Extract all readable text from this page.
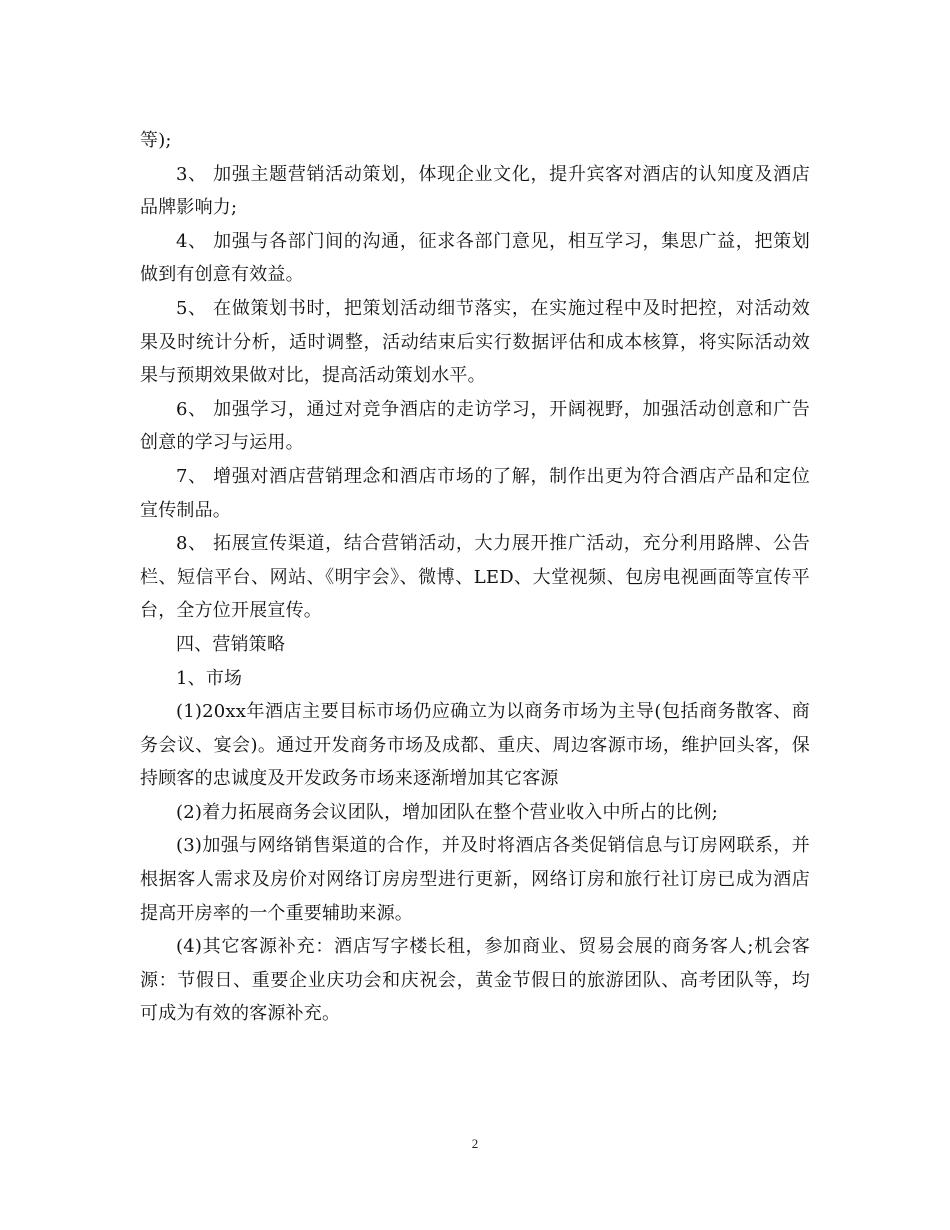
等);

3、 加强主题营销活动策划，体现企业文化，提升宾客对酒店的认知度及酒店品牌影响力;

4、 加强与各部门间的沟通，征求各部门意见，相互学习，集思广益，把策划做到有创意有效益。

5、 在做策划书时，把策划活动细节落实，在实施过程中及时把控，对活动效果及时统计分析，适时调整，活动结束后实行数据评估和成本核算，将实际活动效果与预期效果做对比，提高活动策划水平。

6、 加强学习，通过对竞争酒店的走访学习，开阔视野，加强活动创意和广告创意的学习与运用。

7、 增强对酒店营销理念和酒店市场的了解，制作出更为符合酒店产品和定位宣传制品。

8、 拓展宣传渠道，结合营销活动，大力展开推广活动，充分利用路牌、公告栏、短信平台、网站、《明宇会》、微博、LED、大堂视频、包房电视画面等宣传平台，全方位开展宣传。

四、营销策略

1、市场

(1)20xx年酒店主要目标市场仍应确立为以商务市场为主导(包括商务散客、商务会议、宴会)。通过开发商务市场及成都、重庆、周边客源市场，维护回头客，保持顾客的忠诚度及开发政务市场来逐渐增加其它客源

(2)着力拓展商务会议团队，增加团队在整个营业收入中所占的比例;

(3)加强与网络销售渠道的合作，并及时将酒店各类促销信息与订房网联系，并根据客人需求及房价对网络订房房型进行更新，网络订房和旅行社订房已成为酒店提高开房率的一个重要辅助来源。

(4)其它客源补充：酒店写字楼长租，参加商业、贸易会展的商务客人;机会客源：节假日、重要企业庆功会和庆祝会，黄金节假日的旅游团队、高考团队等，均可成为有效的客源补充。

2
